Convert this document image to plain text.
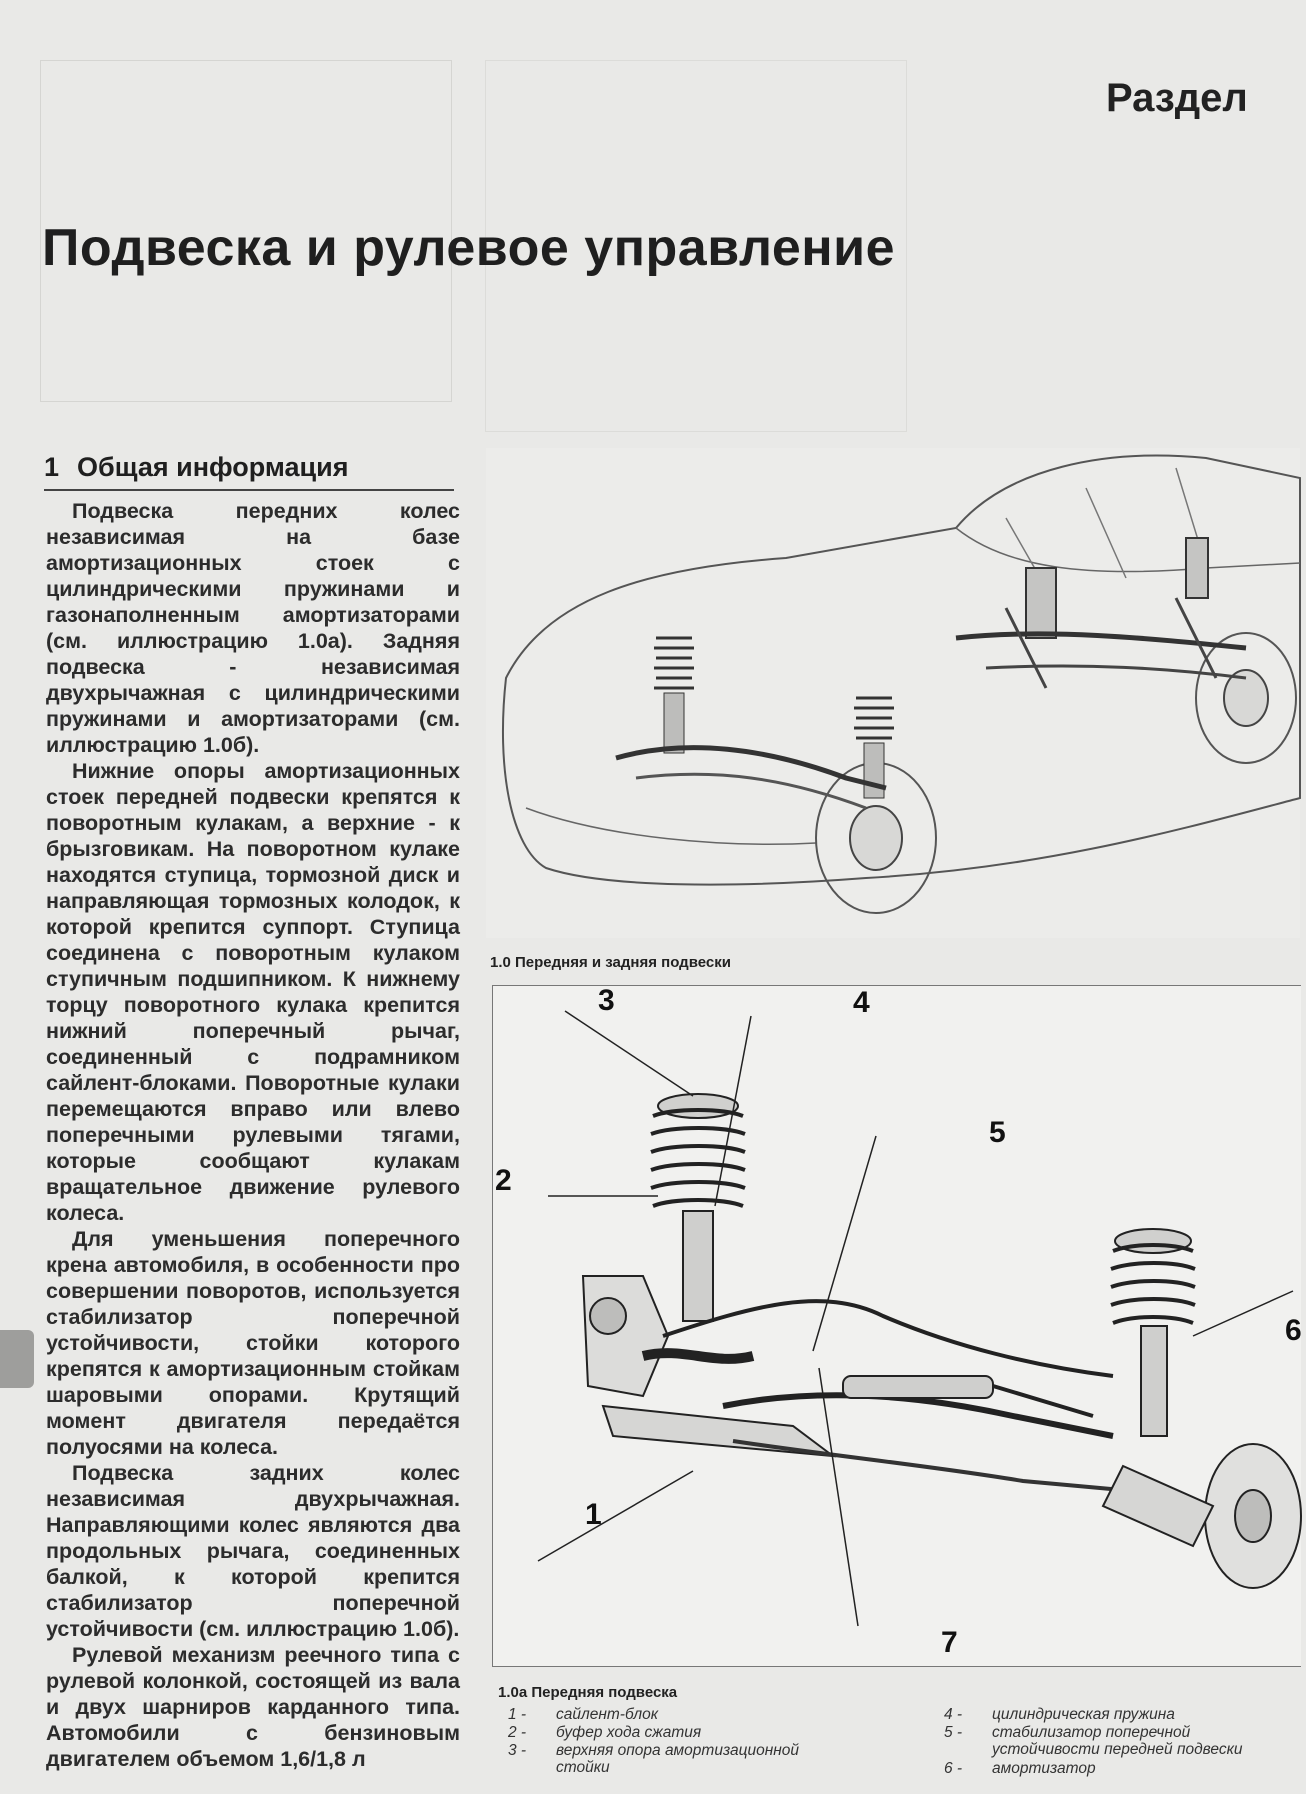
Раздел
Подвеска и рулевое управление
1 Общая информация

Подвеска передних колес независимая на базе амортизационных стоек с цилиндрическими пружинами и газонаполненным амортизаторами (см. иллюстрацию 1.0а). Задняя подвеска - независимая двухрычажная с цилиндрическими пружинами и амортизаторами (см. иллюстрацию 1.0б).

Нижние опоры амортизационных стоек передней подвески крепятся к поворотным кулакам, а верхние - к брызговикам. На поворотном кулаке находятся ступица, тормозной диск и направляющая тормозных колодок, к которой крепится суппорт. Ступица соединена с поворотным кулаком ступичным подшипником. К нижнему торцу поворотного кулака крепится нижний поперечный рычаг, соединенный с подрамником сайлент-блоками. Поворотные кулаки перемещаются вправо или влево поперечными рулевыми тягами, которые сообщают кулакам вращательное движение рулевого колеса.

Для уменьшения поперечного крена автомобиля, в особенности про совершении поворотов, используется стабилизатор поперечной устойчивости, стойки которого крепятся к амортизационным стойкам шаровыми опорами. Крутящий момент двигателя передаётся полуосями на колеса.

Подвеска задних колес независимая двухрычажная. Направляющими колес являются два продольных рычага, соединенных балкой, к которой крепится стабилизатор поперечной устойчивости (см. иллюстрацию 1.0б).

Рулевой механизм реечного типа с рулевой колонкой, состоящей из вала и двух шарниров карданного типа. Автомобили с бензиновым двигателем объемом 1,6/1,8 л

1.0 Передняя и задняя подвески
1
2
3	4
5
6
7
1.0а Передняя подвеска
1 -	сайлент-блок
2 -	буфер хода сжатия
3 -	верхняя опора амортизационной стойки
4 -	цилиндрическая пружина
5 -	стабилизатор поперечной устойчивости передней подвески
6 -	амортизатор
